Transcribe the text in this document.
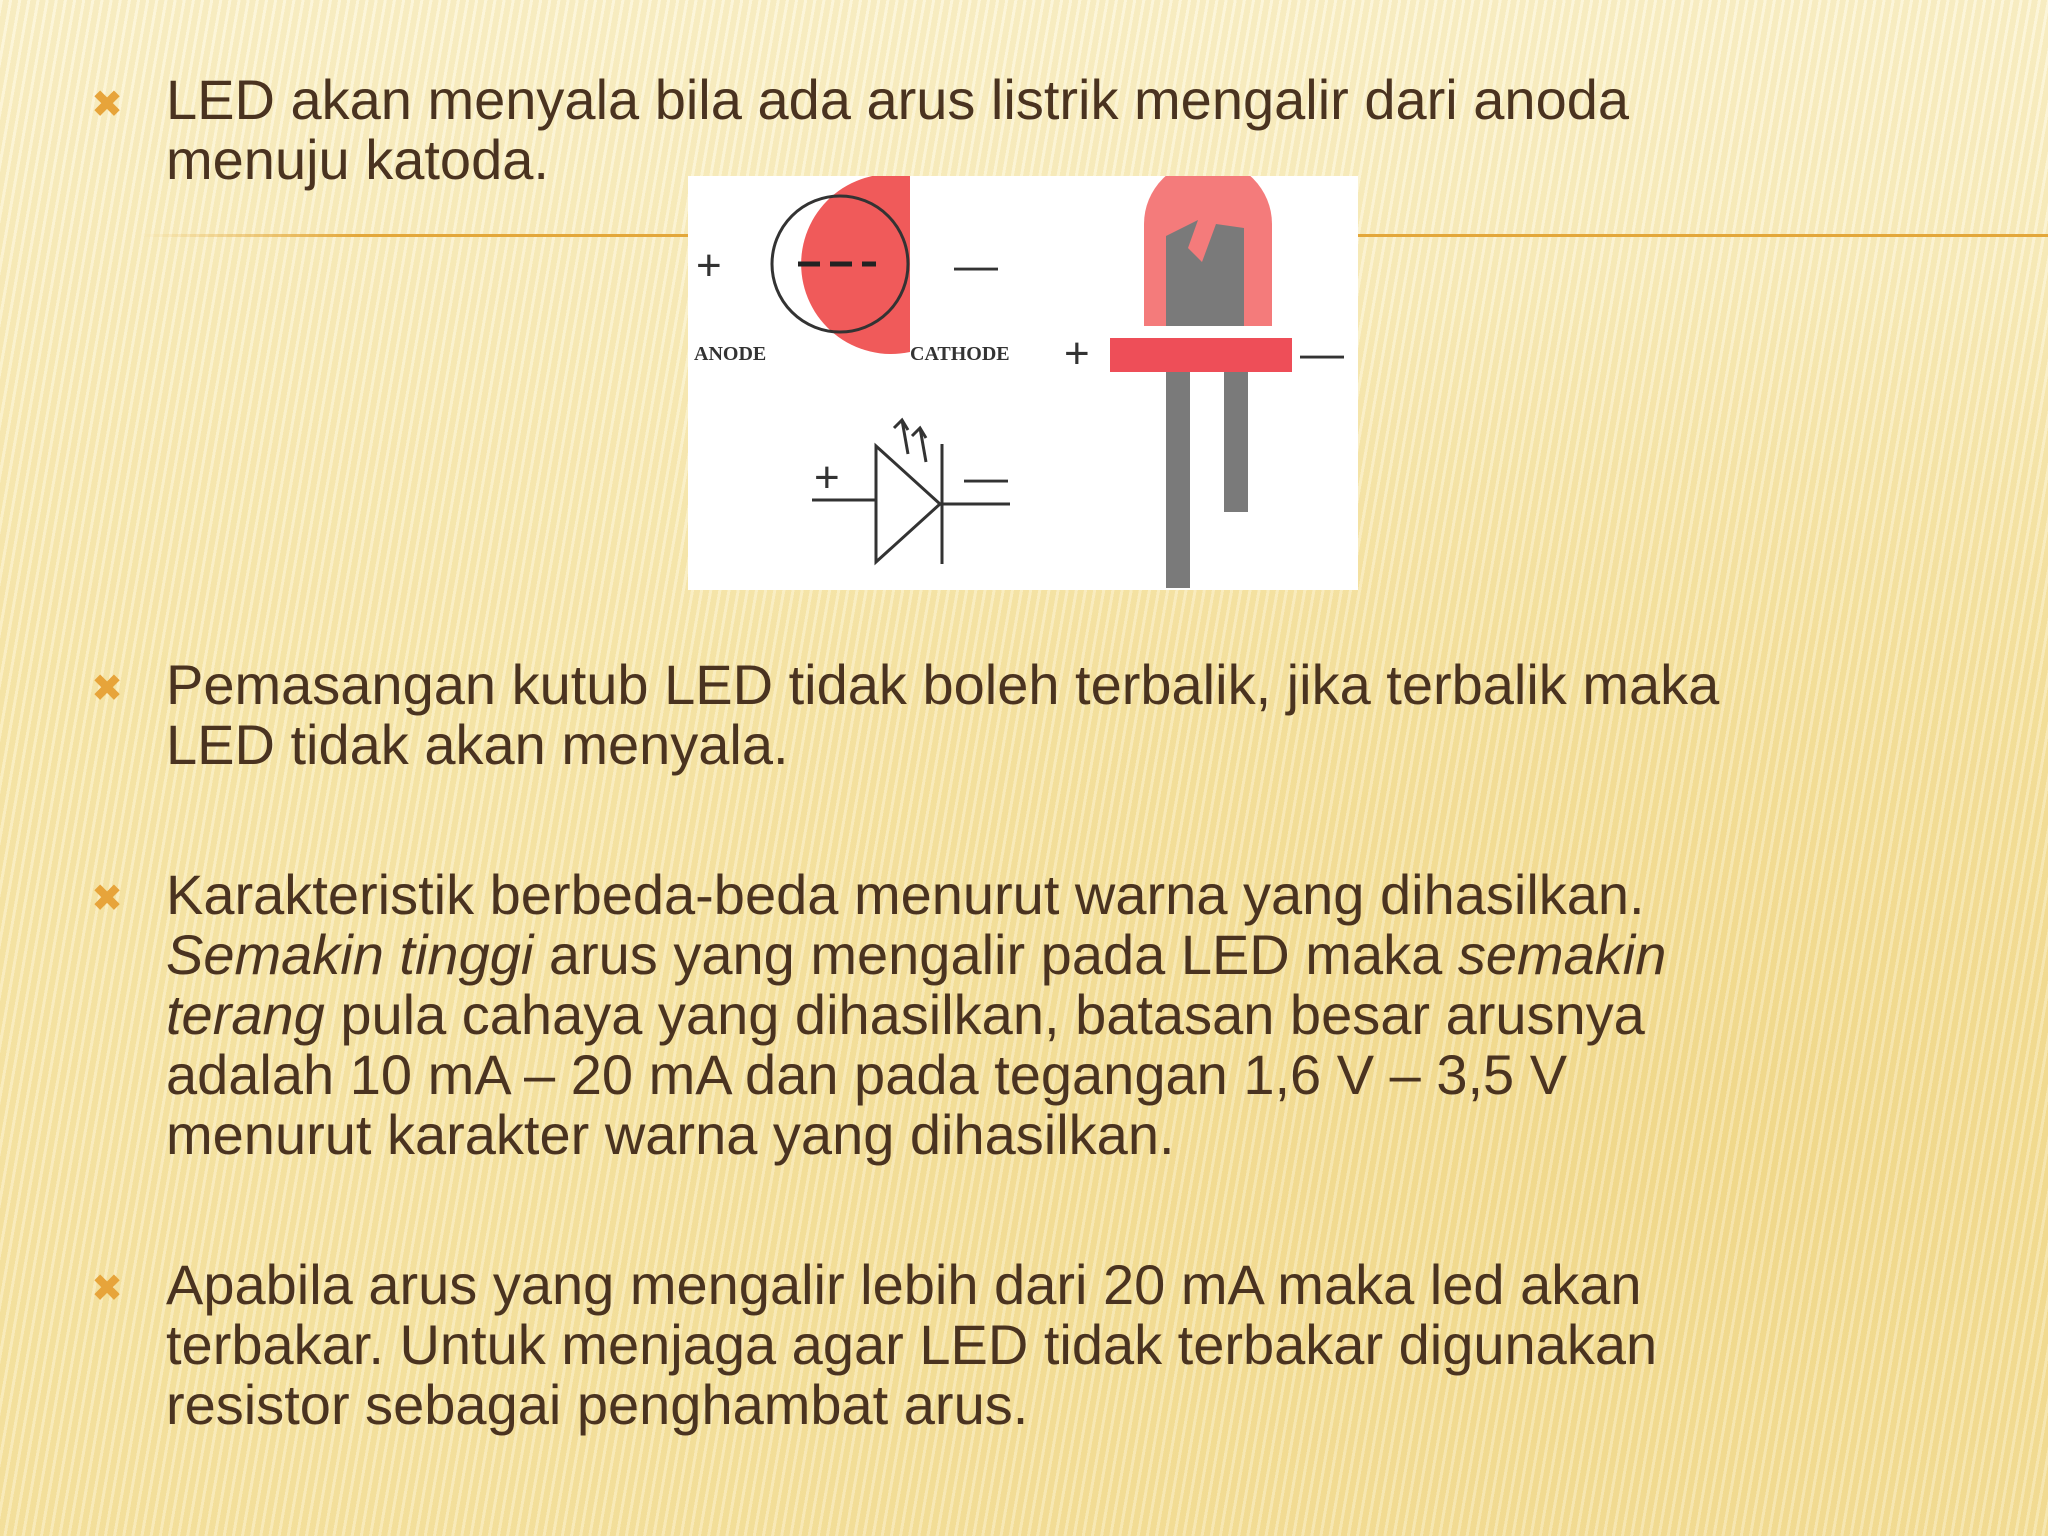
✖ LED akan menyala bila ada arus listrik mengalir dari anoda
menuju katoda.
+	—
ANODE	CATHODE +	—
+	—
✖ Pemasangan kutub LED tidak boleh terbalik, jika terbalik maka
LED tidak akan menyala.
✖ Karakteristik berbeda-beda menurut warna yang dihasilkan.
Semakin tinggi arus yang mengalir pada LED maka semakin
terang pula cahaya yang dihasilkan, batasan besar arusnya
adalah 10 mA – 20 mA dan pada tegangan 1,6 V – 3,5 V
menurut karakter warna yang dihasilkan.
✖ Apabila arus yang mengalir lebih dari 20 mA maka led akan
terbakar. Untuk menjaga agar LED tidak terbakar digunakan
resistor sebagai penghambat arus.
